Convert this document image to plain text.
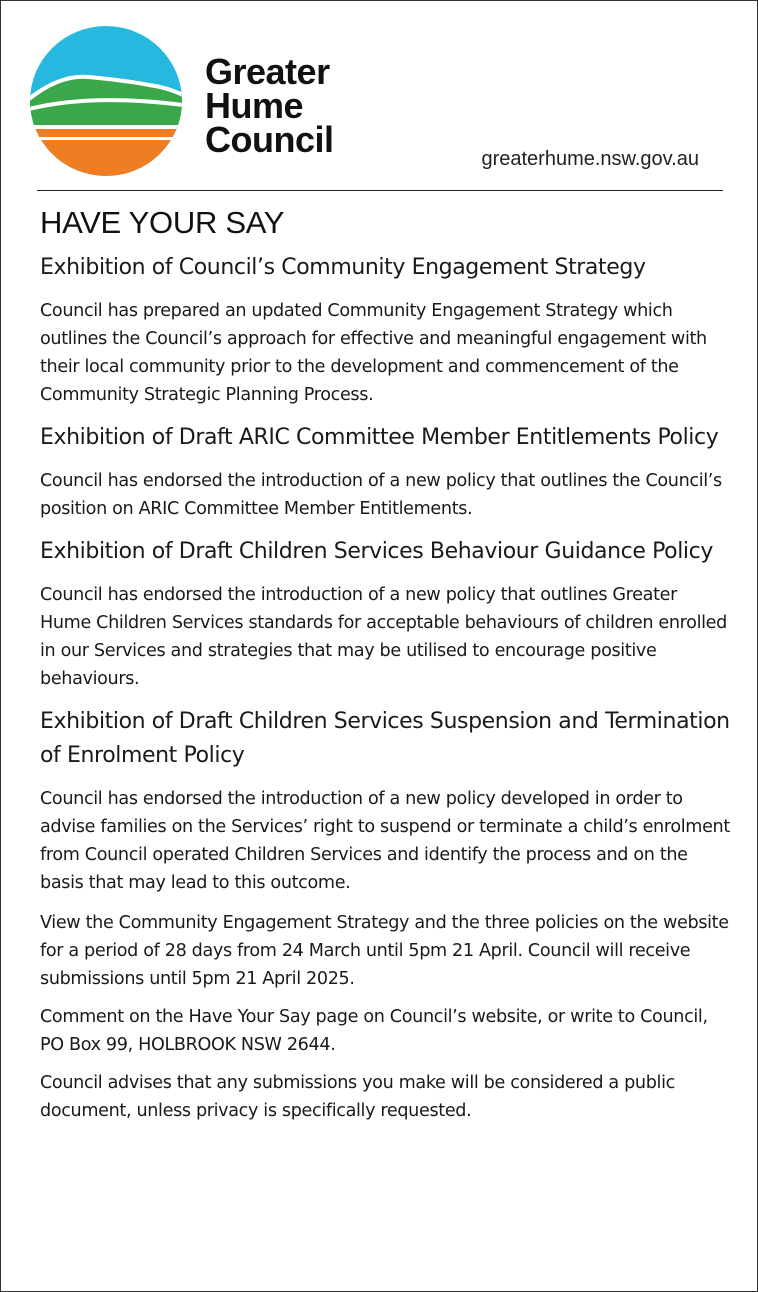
Greater
Hume
Council	greaterhume.nsw.gov.au
HAVE YOUR SAY
Exhibition of Council’s Community Engagement Strategy

Council has prepared an updated Community Engagement Strategy which outlines the Council’s approach for effective and meaningful engagement with their local community prior to the development and commencement of the Community Strategic Planning Process.

Exhibition of Draft ARIC Committee Member Entitlements Policy

Council has endorsed the introduction of a new policy that outlines the Council’s position on ARIC Committee Member Entitlements.

Exhibition of Draft Children Services Behaviour Guidance Policy

Council has endorsed the introduction of a new policy that outlines Greater Hume Children Services standards for acceptable behaviours of children enrolled in our Services and strategies that may be utilised to encourage positive behaviours.

Exhibition of Draft Children Services Suspension and Termination of Enrolment Policy

Council has endorsed the introduction of a new policy developed in order to advise families on the Services’ right to suspend or terminate a child’s enrolment from Council operated Children Services and identify the process and on the basis that may lead to this outcome.

View the Community Engagement Strategy and the three policies on the website for a period of 28 days from 24 March until 5pm 21 April. Council will receive submissions until 5pm 21 April 2025.

Comment on the Have Your Say page on Council’s website, or write to Council, PO Box 99, HOLBROOK NSW 2644.

Council advises that any submissions you make will be considered a public document, unless privacy is specifically requested.
